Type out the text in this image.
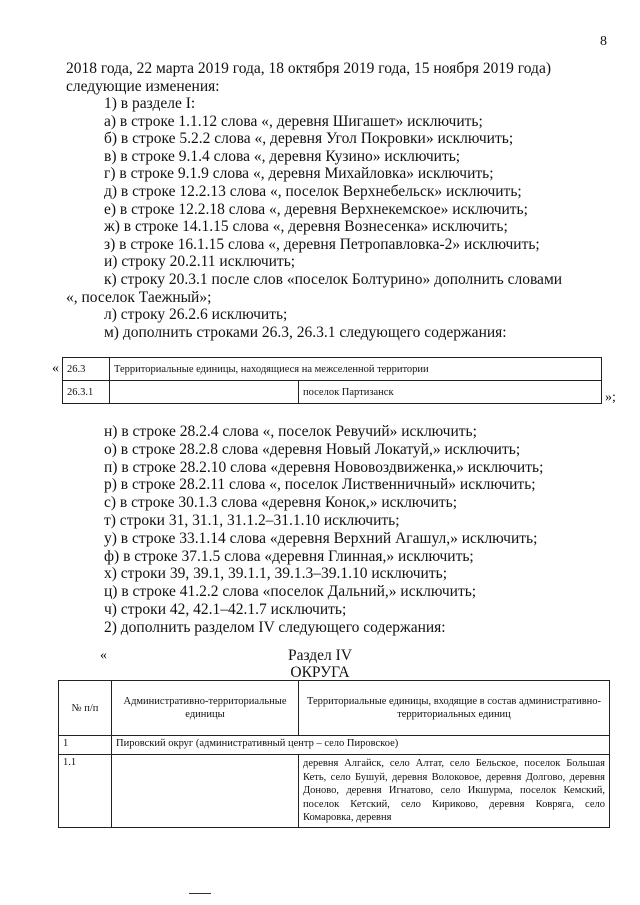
8
2018 года, 22 марта 2019 года, 18 октября 2019 года, 15 ноября 2019 года)
следующие изменения:
1) в разделе I:
а) в строке 1.1.12 слова «, деревня Шигашет» исключить;
б) в строке 5.2.2 слова «, деревня Угол Покровки» исключить;
в) в строке 9.1.4 слова «, деревня Кузино» исключить;
г) в строке 9.1.9 слова «, деревня Михайловка» исключить;
д) в строке 12.2.13 слова «, поселок Верхнебельск» исключить;
е) в строке 12.2.18 слова «, деревня Верхнекемское» исключить;
ж) в строке 14.1.15 слова «, деревня Вознесенка» исключить;
з) в строке 16.1.15 слова «, деревня Петропавловка-2» исключить;
и) строку 20.2.11 исключить;
к) строку 20.3.1 после слов «поселок Болтурино» дополнить словами
«, поселок Таежный»;
л) строку 26.2.6 исключить;
м) дополнить строками 26.3, 26.3.1 следующего содержания:
« 26.3	Территориальные единицы, находящиеся на межселенной территории	
26.3.1		поселок Партизанск	»;
н) в строке 28.2.4 слова «, поселок Ревучий» исключить;
о) в строке 28.2.8 слова «деревня Новый Локатуй,» исключить;
п) в строке 28.2.10 слова «деревня Нововоздвиженка,» исключить;
р) в строке 28.2.11 слова «, поселок Лиственничный» исключить;
с) в строке 30.1.3 слова «деревня Конок,» исключить;
т) строки 31, 31.1, 31.1.2–31.1.10 исключить;
у) в строке 33.1.14 слова «деревня Верхний Агашул,» исключить;
ф) в строке 37.1.5 слова «деревня Глинная,» исключить;
х) строки 39, 39.1, 39.1.1, 39.1.3–39.1.10 исключить;
ц) в строке 41.2.2 слова «поселок Дальний,» исключить;
ч) строки 42, 42.1–42.1.7 исключить;
2) дополнить разделом IV следующего содержания:
«	Раздел IV
ОКРУГА
№ п/п	Административно-территориальные единицы	Территориальные единицы, входящие в состав административно-территориальных единиц
1	Пировский округ (административный центр – село Пировское)	
1.1		деревня Алгайск, село Алтат, село Бельское, поселок Большая Кеть, село Бушуй, деревня Волоковое, деревня Долгово, деревня Доново, деревня Игнатово, село Икшурма, поселок Кемский, поселок Кетский, село Кириково, деревня Ковряга, село Комаровка, деревня
